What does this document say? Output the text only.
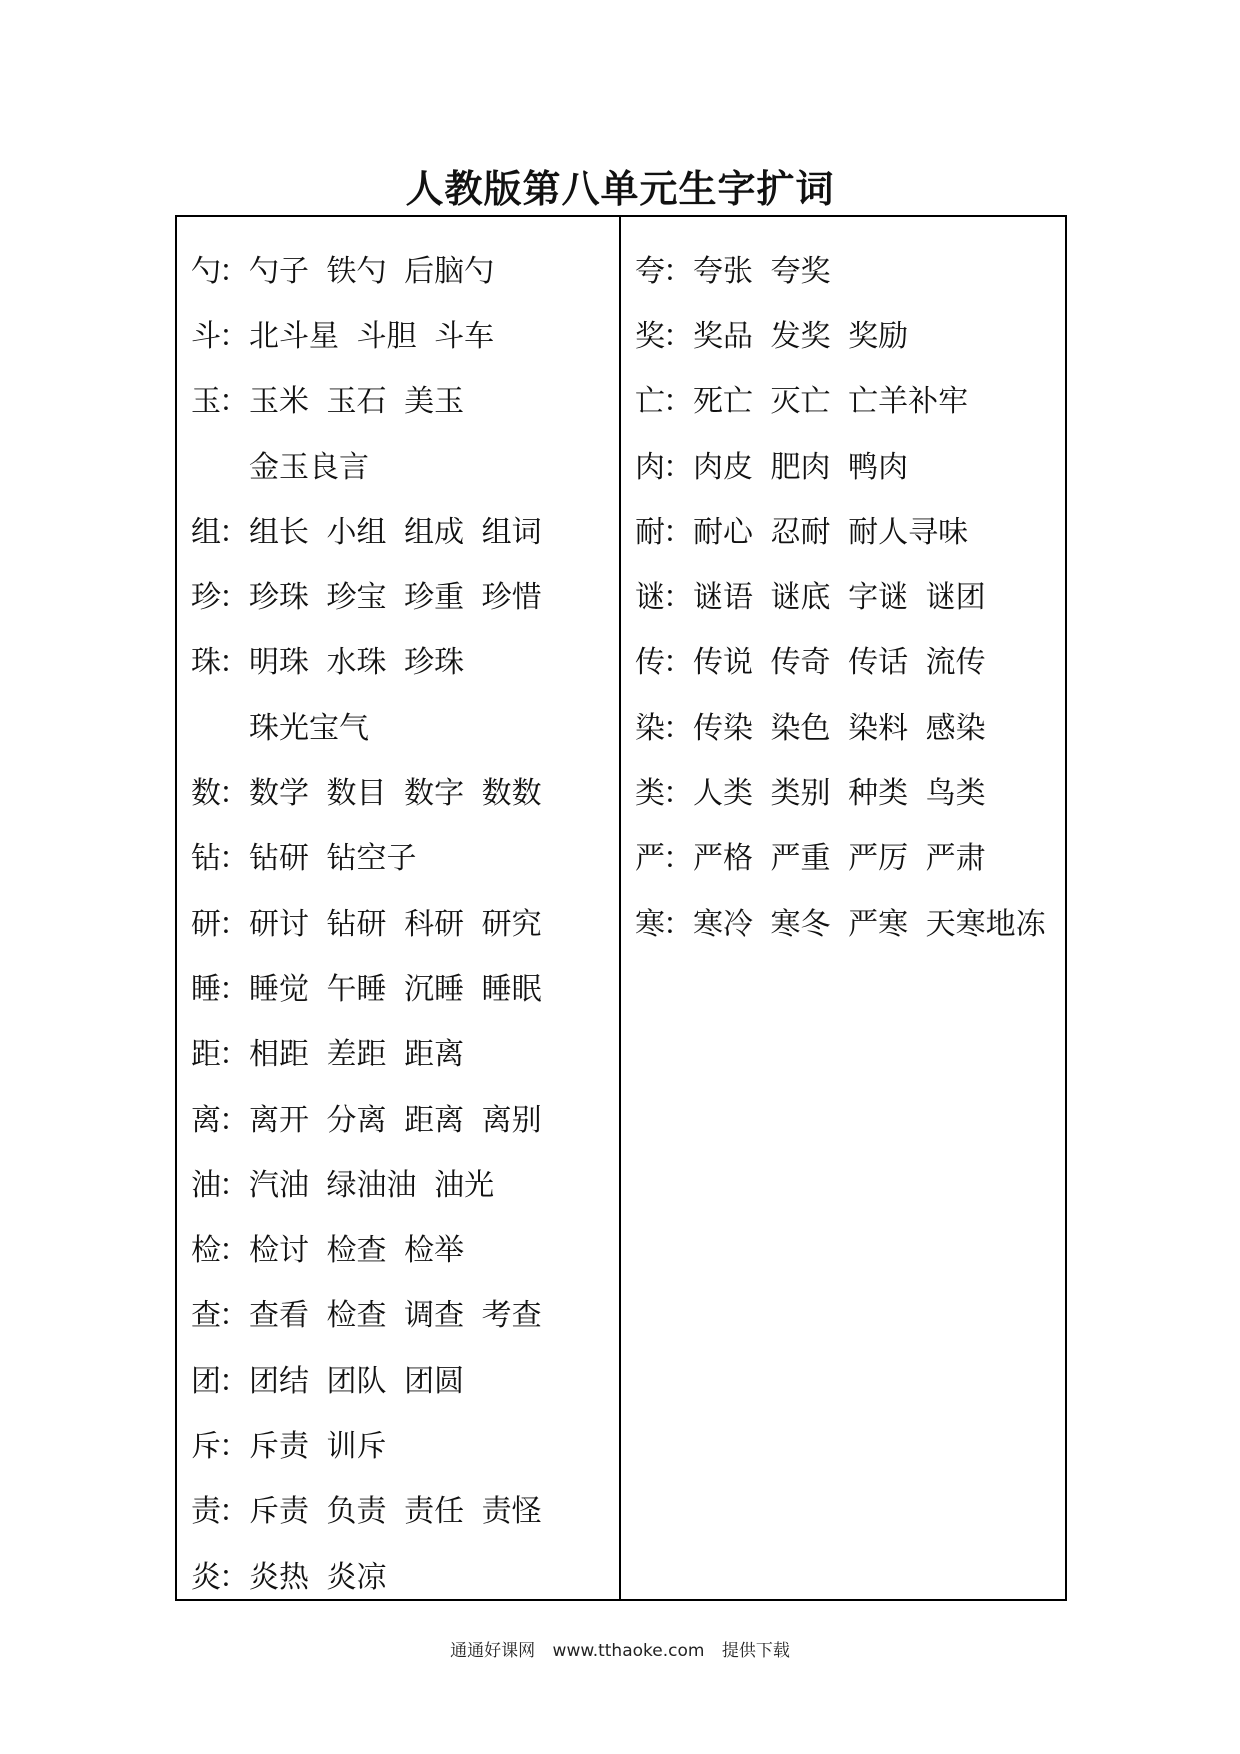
人教版第八单元生字扩词
勺
： 勺子 铁勺 后脑勺
斗
： 北斗星 斗胆 斗车
玉
： 玉米 玉石 美玉
金玉良言
组
： 组长 小组 组成 组词
珍
： 珍珠 珍宝 珍重 珍惜
珠
： 明珠 水珠 珍珠
珠光宝气
数
： 数学 数目 数字 数数
钻
： 钻研 钻空子
研
： 研讨 钻研 科研 研究
睡
： 睡觉 午睡 沉睡 睡眠
距
： 相距 差距 距离
离
： 离开 分离 距离 离别
油
： 汽油 绿油油 油光
检
： 检讨 检查 检举
查
： 查看 检查 调查 考查
团
： 团结 团队 团圆
斥
： 斥责 训斥
责
： 斥责 负责 责任 责怪
炎
： 炎热 炎凉
夸
： 夸张 夸奖
奖
： 奖品 发奖 奖励
亡
： 死亡 灭亡 亡羊补牢
肉
： 肉皮 肥肉 鸭肉
耐
： 耐心 忍耐 耐人寻味
谜
： 谜语 谜底 字谜 谜团
传
： 传说 传奇 传话 流传
染
： 传染 染色 染料 感染
类
： 人类 类别 种类 鸟类
严
： 严格 严重 严厉 严肃
寒
： 寒冷 寒冬 严寒 天寒地冻
通通好课网 www.tthaoke.com 提供下载
